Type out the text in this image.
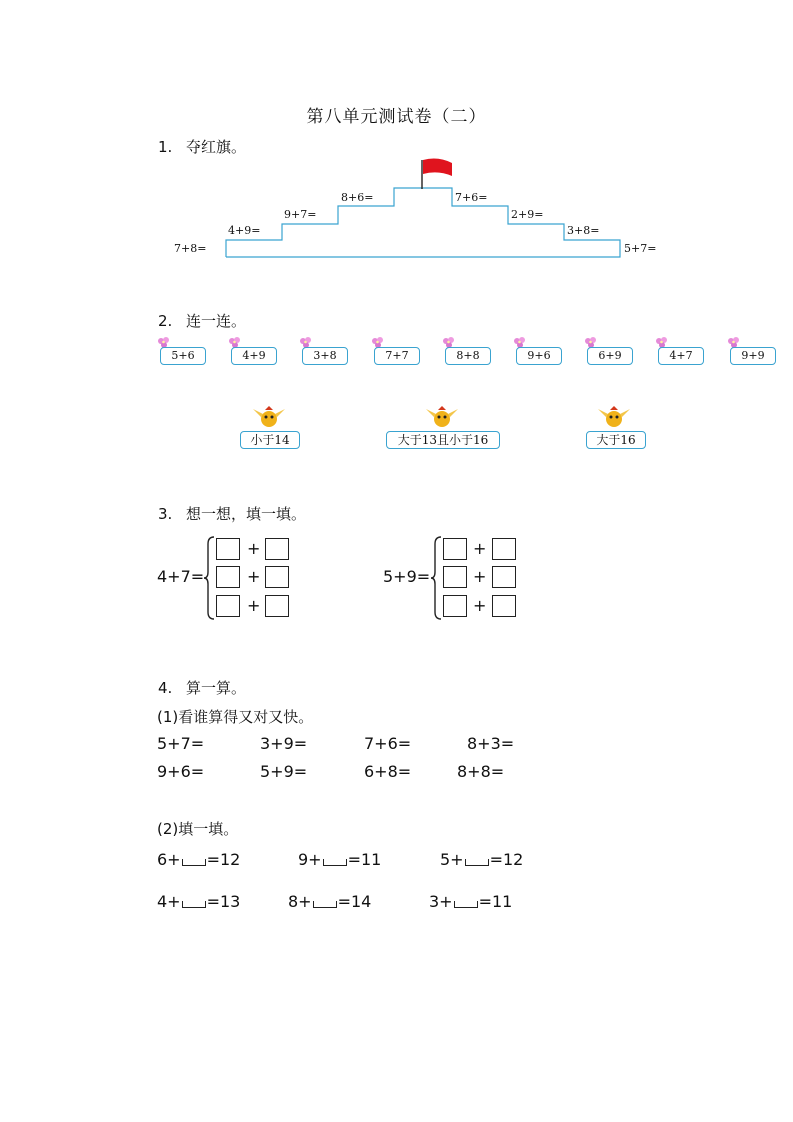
第八单元测试卷（二）
1. 夺红旗。
7+8=
4+9=
9+7=
8+6=	7+6=
2+9=
3+8=
5+7=
2. 连一连。
5+6	4+9	3+8	7+7	8+8	9+6	6+9	4+7	9+9
小于14	大于13且小于16	大于16
3. 想一想，填一填。
4+7=
+
+
+
5+9=
+
+
+
4. 算一算。
(1)看谁算得又对又快。
5+7=	3+9=	7+6=	8+3=
9+6=	5+9=	6+8=	8+8=
(2)填一填。
6+ =12	9+ =11	5+ =12
4+ =13	8+ =14	3+ =11
